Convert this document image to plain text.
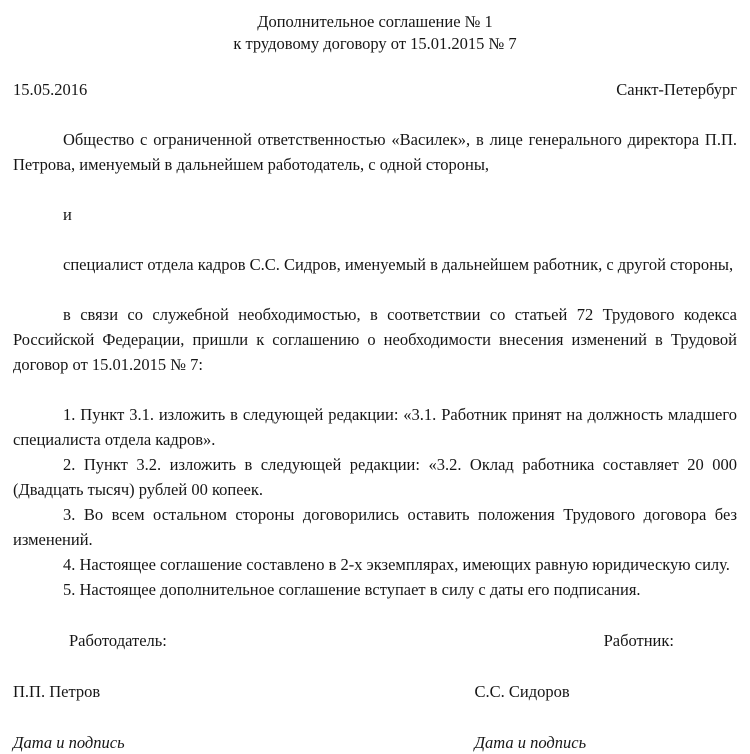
Дополнительное соглашение № 1
к трудовому договору от 15.01.2015 № 7
15.05.2016	Санкт-Петербург

Общество с ограниченной ответственностью «Василек», в лице генерального директора П.П. Петрова, именуемый в дальнейшем работодатель, с одной стороны,

и

специалист отдела кадров С.С. Сидров, именуемый в дальнейшем работник, с другой стороны,

в связи со служебной необходимостью, в соответствии со статьей 72 Трудового кодекса Российской Федерации, пришли к соглашению о необходимости внесения изменений в Трудовой договор от 15.01.2015 № 7:

1. Пункт 3.1. изложить в следующей редакции: «3.1. Работник принят на должность младшего специалиста отдела кадров».

2. Пункт 3.2. изложить в следующей редакции: «3.2. Оклад работника составляет 20 000 (Двадцать тысяч) рублей 00 копеек.

3. Во всем остальном стороны договорились оставить положения Трудового договора без изменений.

4. Настоящее соглашение составлено в 2-х экземплярах, имеющих равную юридическую силу.

5. Настоящее дополнительное соглашение вступает в силу с даты его подписания.

Работодатель:	Работник:
П.П. Петров	С.С. Сидоров
Дата и подпись	Дата и подпись
